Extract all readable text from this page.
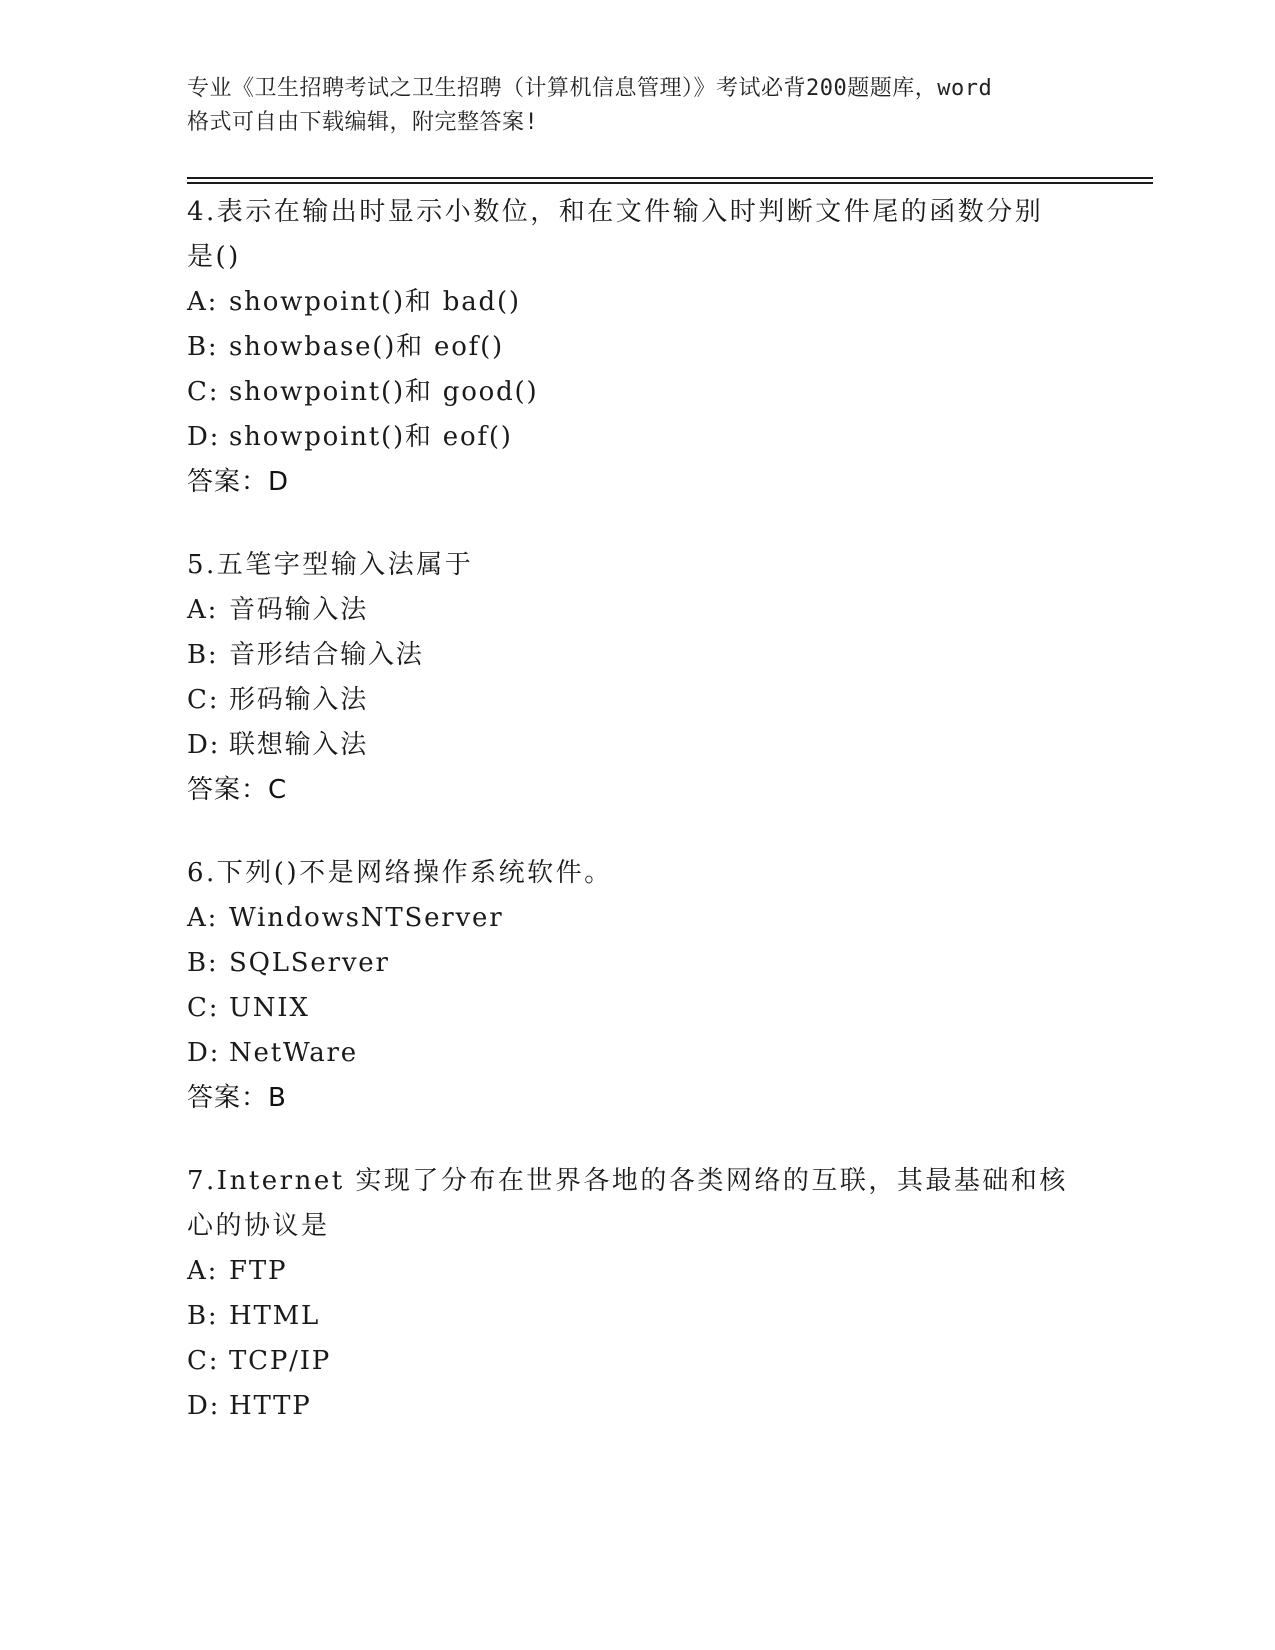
专业《卫生招聘考试之卫生招聘（计算机信息管理）》考试必背200题题库，word
格式可自由下载编辑，附完整答案!
4.表示在输出时显示小数位，和在文件输入时判断文件尾的函数分别
是()
A: showpoint()和 bad()
B: showbase()和 eof()
C: showpoint()和 good()
D: showpoint()和 eof()
答案：D
5.五笔字型输入法属于
A: 音码输入法
B: 音形结合输入法
C: 形码输入法
D: 联想输入法
答案：C
6.下列()不是网络操作系统软件。
A: WindowsNTServer
B: SQLServer
C: UNIX
D: NetWare
答案：B
7.Internet 实现了分布在世界各地的各类网络的互联，其最基础和核
心的协议是
A: FTP
B: HTML
C: TCP/IP
D: HTTP
